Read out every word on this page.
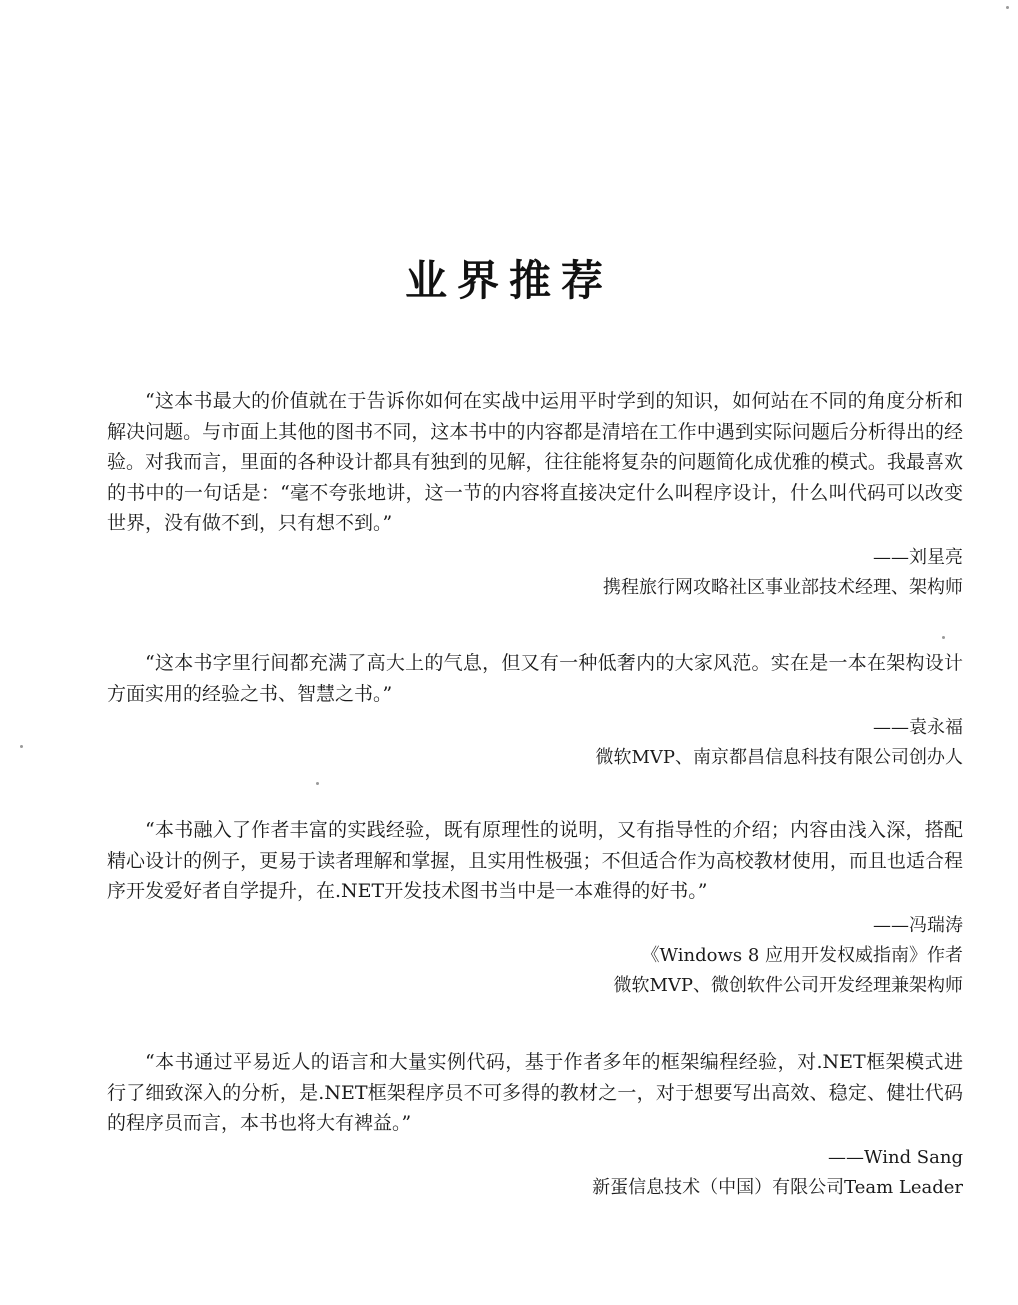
业界推荐

“这本书最大的价值就在于告诉你如何在实战中运用平时学到的知识，如何站在不同的角度分析和解决问题。与市面上其他的图书不同，这本书中的内容都是清培在工作中遇到实际问题后分析得出的经验。对我而言，里面的各种设计都具有独到的见解，往往能将复杂的问题简化成优雅的模式。我最喜欢的书中的一句话是：“毫不夸张地讲，这一节的内容将直接决定什么叫程序设计，什么叫代码可以改变世界，没有做不到，只有想不到。”

——刘星亮

携程旅行网攻略社区事业部技术经理、架构师

“这本书字里行间都充满了高大上的气息，但又有一种低奢内的大家风范。实在是一本在架构设计方面实用的经验之书、智慧之书。”

——袁永福

微软MVP、南京都昌信息科技有限公司创办人

“本书融入了作者丰富的实践经验，既有原理性的说明，又有指导性的介绍；内容由浅入深，搭配精心设计的例子，更易于读者理解和掌握，且实用性极强；不但适合作为高校教材使用，而且也适合程序开发爱好者自学提升，在.NET开发技术图书当中是一本难得的好书。”

——冯瑞涛

《Windows 8 应用开发权威指南》作者

微软MVP、微创软件公司开发经理兼架构师

“本书通过平易近人的语言和大量实例代码，基于作者多年的框架编程经验，对.NET框架模式进行了细致深入的分析，是.NET框架程序员不可多得的教材之一，对于想要写出高效、稳定、健壮代码的程序员而言，本书也将大有裨益。”

——Wind Sang

新蛋信息技术（中国）有限公司Team Leader
